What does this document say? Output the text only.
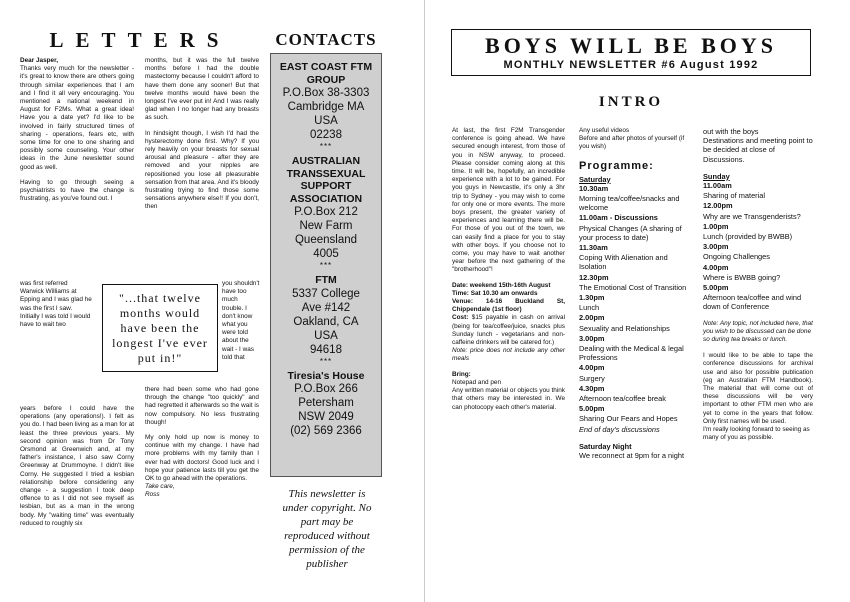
LETTERS

Dear Jasper,

Thanks very much for the newsletter - it's great to know there are others going through similar experiences that I am and I find it all very encouraging. You mentioned a national weekend in August for F2Ms. What a great idea! Have you a date yet? I'd like to be involved in fairly structured times of sharing - operations, fears etc, with some time for one to one sharing and possibly some counseling. Your other ideas in the June newsletter sound good as well.

Having to go through seeing a psychiatrists to have the change is frustrating, as you've found out. I

was first referred Warwick Williams at Epping and I was glad he was the first I saw. Initially I was told I would have to wait two
years before I could have the operations (any operations!). I felt as you do. I had been living as a man for at least the three previous years. My second opinion was from Dr Tony Orsmond at Greenwich and, at my father's insistance, I also saw Corny Greenway at Drummoyne. I didn't like Corny. He suggested I tried a lesbian relationship before considering any change - a suggestion I took deep offence to as I did not see myself as lesbian, but as a man in the wrong body. My "waiting time" was eventually reduced to roughly six

months, but it was the full twelve months before I had the double mastectomy because I couldn't afford to have them done any sooner! But that twelve months would have been the longest I've ever put in! And I was really glad when I no longer had any breasts as such.

In hindsight though, I wish I'd had the hysterectomy done first. Why? If you rely heavily on your breasts for sexual arousal and pleasure - after they are removed and your nipples are repositioned you lose all pleasurable sensation from that area. And it's bloody frustrating trying to find those some sensations anywhere else!! If you don't, then

you shouldn't have too much trouble. I don't know what you were told about the wait - I was told that

there had been some who had gone through the change "too quickly" and had regretted it afterwards so the wait is now compulsory. No less frustrating though!

My only hold up now is money to continue with my change. I have had more problems with my family than I ever had with doctors! Good luck and I hope your patience lasts till you get the OK to go ahead with the operations.

Take care,
Ross
"...that twelve months would have been the longest I've ever put in!"
CONTACTS
EAST COAST FTM GROUP
P.O.Box 38-3303
Cambridge MA
USA
02238
***
AUSTRALIAN TRANSSEXUAL SUPPORT ASSOCIATION
P.O.Box 212
New Farm
Queensland
4005
***
FTM
5337 College
Ave #142
Oakland, CA
USA
94618
***
Tiresia's House
P.O.Box 266
Petersham
NSW 2049
(02) 569 2366
This newsletter is under copyright. No part may be reproduced without permission of the publisher
BOYS WILL BE BOYS
MONTHLY NEWSLETTER #6 August 1992
INTRO

At last, the first F2M Transgender conference is going ahead. We have secured enough interest, from those of you in NSW anyway, to proceed. Please consider coming along at this time. It will be, hopefully, an incredible experience with a lot to be gained. For you guys in Newcastle, it's only a 3hr trip to Sydney - you may wish to come for only one or more events. The more boys present, the greater variety of experiences and learning there will be. For those of you out of the town, we can easily find a place for you to stay with other boys. If you choose not to come, you may have to wait another year before the next gathering of the "brotherhood"!

Date: weekend 15th-16th August
Time: Sat 10.30 am onwards
Venue: 14-16 Buckland St, Chippendale (1st floor)
Cost: $15 payable in cash on arrival (being for tea/coffee/juice, snacks plus Sunday lunch - vegetarians and non-caffeine drinkers will be catered for.)
Note: price does not include any other meals
Bring:
Notepad and pen
Any written material or objects you think that others may be interested in. We can photocopy each other's material.
Any useful videos
Before and after photos of yourself (if you wish)
Programme:
Saturday
10.30am
Morning tea/coffee/snacks and welcome
11.00am - Discussions
Physical Changes (A sharing of your process to date)
11.30am
Coping With Alienation and Isolation
12.30pm
The Emotional Cost of Transition
1.30pm
Lunch
2.00pm
Sexuality and Relationships
3.00pm
Dealing with the Medical & legal Professions
4.00pm
Surgery
4.30pm
Afternoon tea/coffee break
5.00pm
Sharing Our Fears and Hopes
End of day's discussions
Saturday Night
We reconnect at 9pm for a night
out with the boys
Destinations and meeting point to be decided at close of Discussions.
Sunday
11.00am
Sharing of material
12.00pm
Why are we Transgenderists?
1.00pm
Lunch (provided by BWBB)
3.00pm
Ongoing Challenges
4.00pm
Where is BWBB going?
5.00pm
Afternoon tea/coffee and wind down of Conference
Note: Any topic, not included here, that you wish to be discussed can be done so during tea breaks or lunch.
I would like to be able to tape the conference discussions for archival use and also for possible publication (eg an Australian FTM Handbook). The material that will come out of these discussions will be very important to other FTM men who are yet to come in the years that follow. Only first names will be used.
I'm really looking forward to seeing as many of you as possible.
